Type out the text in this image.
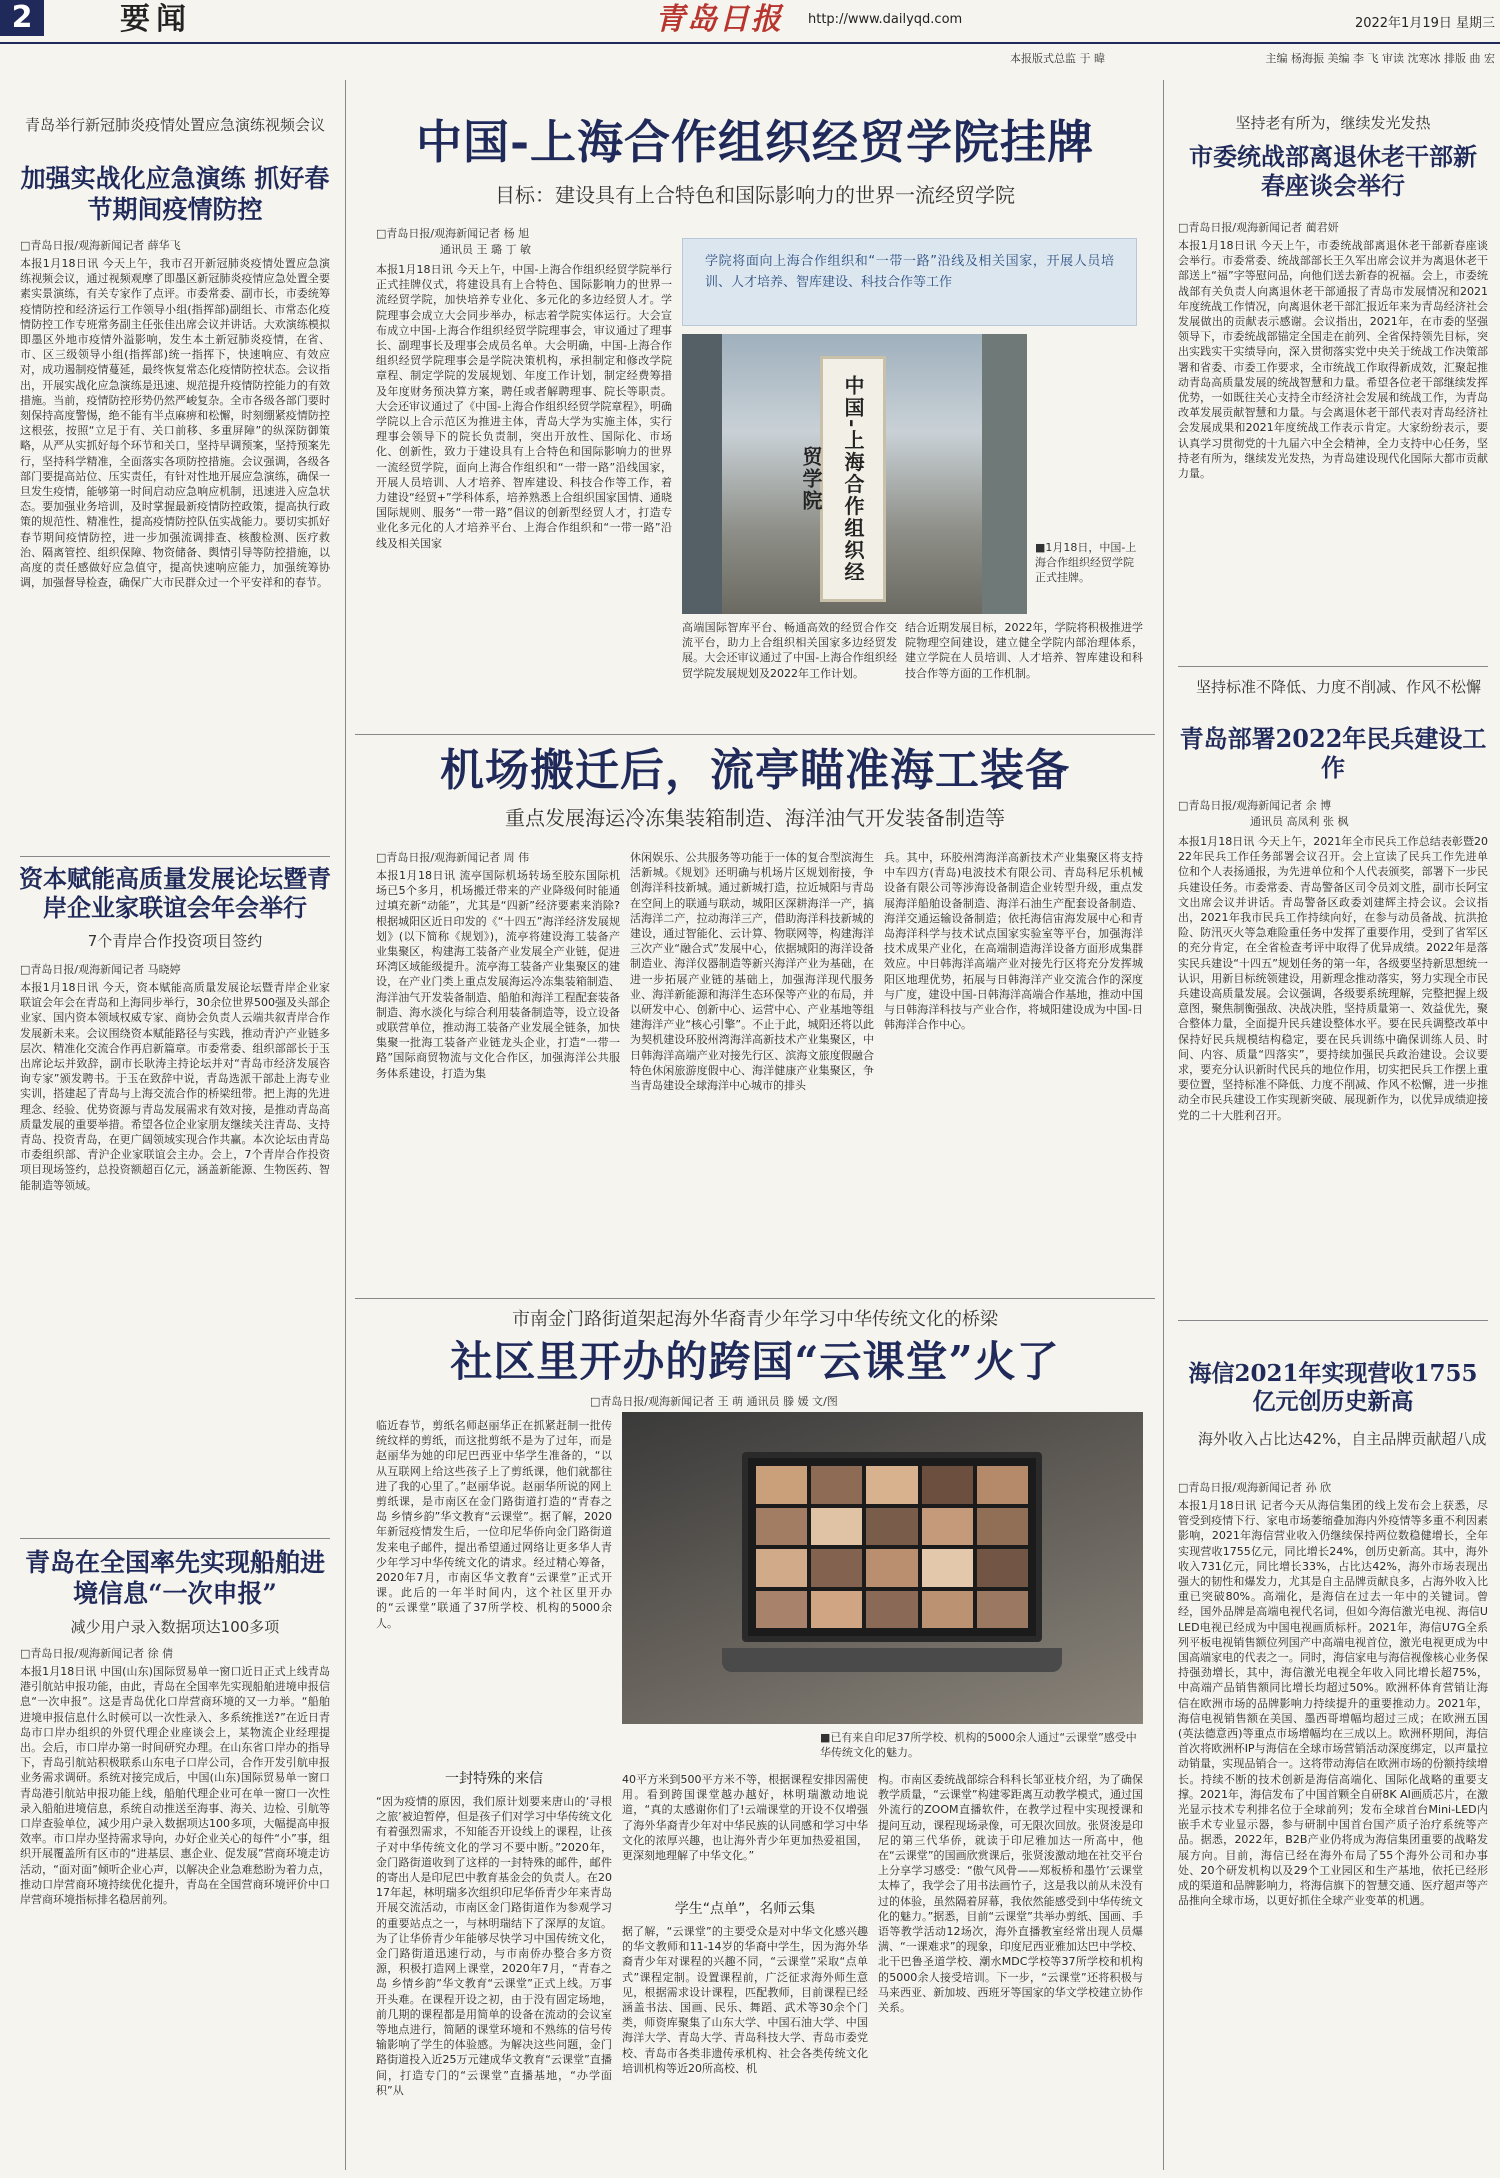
2	要闻	青岛日报	http://www.dailyqd.com	2022年1月19日 星期三
本报版式总监 于 暐	主编 杨海振 美编 李 飞 审读 沈寒冰 排版 曲 宏
青岛举行新冠肺炎疫情处置应急演练视频会议
加强实战化应急演练 抓好春节期间疫情防控
□青岛日报/观海新闻记者 薛华飞
本报1月18日讯 今天上午，我市召开新冠肺炎疫情处置应急演练视频会议，通过视频观摩了即墨区新冠肺炎疫情应急处置全要素实景演练，有关专家作了点评。市委常委、副市长，市委统筹疫情防控和经济运行工作领导小组(指挥部)副组长、市常态化疫情防控工作专班常务副主任张佳出席会议并讲话。大欢演练模拟即墨区外地市疫情外溢影响，发生本土新冠肺炎疫情，在省、市、区三级领导小组(指挥部)统一指挥下，快速响应、有效应对，成功遏制疫情蔓延，最终恢复常态化疫情防控状态。会议指出，开展实战化应急演练是迅速、规范提升疫情防控能力的有效措施。当前，疫情防控形势仍然严峻复杂。全市各级各部门要时刻保持高度警惕，绝不能有半点麻痹和松懈，时刻绷紧疫情防控这根弦，按照“立足于有、关口前移、多重屏障”的纵深防御策略，从严从实抓好每个环节和关口，坚持早调预案，坚持预案先行，坚持科学精准，全面落实各项防控措施。会议强调，各级各部门要提高站位、压实责任，有针对性地开展应急演练，确保一旦发生疫情，能够第一时间启动应急响应机制，迅速进入应急状态。要加强业务培训，及时掌握最新疫情防控政策，提高执行政策的规范性、精准性，提高疫情防控队伍实战能力。要切实抓好春节期间疫情防控，进一步加强流调排查、核酸检测、医疗救治、隔离管控、组织保障、物资储备、舆情引导等防控措施，以高度的责任感做好应急值守，提高快速响应能力，加强统筹协调，加强督导检查，确保广大市民群众过一个平安祥和的春节。
资本赋能高质量发展论坛暨青岸企业家联谊会年会举行
7个青岸合作投资项目签约
□青岛日报/观海新闻记者 马晓婷
本报1月18日讯 今天，资本赋能高质量发展论坛暨青岸企业家联谊会年会在青岛和上海同步举行，30余位世界500强及头部企业家、国内资本领域权威专家、商协会负责人云端共叙青岸合作发展新未来。会议围绕资本赋能路径与实践，推动青沪产业链多层次、精准化交流合作再启新篇章。市委常委、组织部部长于玉出席论坛并致辞，副市长耿涛主持论坛并对“青岛市经济发展咨询专家”颁发聘书。于玉在致辞中说，青岛选派干部赴上海专业实训，搭建起了青岛与上海交流合作的桥梁纽带。把上海的先进理念、经验、优势资源与青岛发展需求有效对接，是推动青岛高质量发展的重要举措。希望各位企业家朋友继续关注青岛、支持青岛、投资青岛，在更广阔领域实现合作共赢。本次论坛由青岛市委组织部、青沪企业家联谊会主办。会上，7个青岸合作投资项目现场签约，总投资额超百亿元，涵盖新能源、生物医药、智能制造等领域。
青岛在全国率先实现船舶进境信息“一次申报”
减少用户录入数据项达100多项
□青岛日报/观海新闻记者 徐 倩
本报1月18日讯 中国(山东)国际贸易单一窗口近日正式上线青岛港引航站申报功能，由此，青岛在全国率先实现船舶进境申报信息“一次申报”。这是青岛优化口岸营商环境的又一力举。“船舶进境申报信息什么时候可以一次性录入、多系统推送?”在近日青岛市口岸办组织的外贸代理企业座谈会上，某物流企业经理提出。会后，市口岸办第一时间研究办理。在山东省口岸办的指导下，青岛引航站积极联系山东电子口岸公司，合作开发引航申报业务需求调研。系统对接完成后，中国(山东)国际贸易单一窗口青岛港引航站申报功能上线，船舶代理企业可在单一窗口一次性录入船舶进境信息，系统自动推送至海事、海关、边检、引航等口岸查验单位，减少用户录入数据项达100多项，大幅提高申报效率。市口岸办坚持需求导向，办好企业关心的每件“小”事，组织开展覆盖所有区市的“进基层、惠企业、促发展”营商环境走访活动，“面对面”倾听企业心声，以解决企业急难愁盼为着力点，推动口岸营商环境持续优化提升，青岛在全国营商环境评价中口岸营商环境指标排名稳居前列。
中国-上海合作组织经贸学院挂牌
目标：建设具有上合特色和国际影响力的世界一流经贸学院
□青岛日报/观海新闻记者 杨 旭
通讯员 王 璐 丁 敏
本报1月18日讯 今天上午，中国-上海合作组织经贸学院举行正式挂牌仪式，将建设具有上合特色、国际影响力的世界一流经贸学院，加快培养专业化、多元化的多边经贸人才。学院理事会成立大会同步举办，标志着学院实体运行。大会宣布成立中国-上海合作组织经贸学院理事会，审议通过了理事长、副理事长及理事会成员名单。大会明确，中国-上海合作组织经贸学院理事会是学院决策机构，承担制定和修改学院章程、制定学院的发展规划、年度工作计划，制定经费筹措及年度财务预决算方案，聘任或者解聘理事、院长等职责。大会还审议通过了《中国-上海合作组织经贸学院章程》，明确学院以上合示范区为推进主体，青岛大学为实施主体，实行理事会领导下的院长负责制，突出开放性、国际化、市场化、创新性，致力于建设具有上合特色和国际影响力的世界一流经贸学院，面向上海合作组织和“一带一路”沿线国家，开展人员培训、人才培养、智库建设、科技合作等工作，着力建设“经贸+”学科体系，培养熟悉上合组织国家国情、通晓国际规则、服务“一带一路”倡议的创新型经贸人才，打造专业化多元化的人才培养平台、上海合作组织和“一带一路”沿线及相关国家
学院将面向上海合作组织和“一带一路”沿线及相关国家，开展人员培训、人才培养、智库建设、科技合作等工作
中国-上海合作组织经贸学院
■1月18日，中国-上海合作组织经贸学院正式挂牌。
高端国际智库平台、畅通高效的经贸合作交流平台，助力上合组织相关国家多边经贸发展。大会还审议通过了中国-上海合作组织经贸学院发展规划及2022年工作计划。
结合近期发展目标，2022年，学院将积极推进学院物理空间建设，建立健全学院内部治理体系，建立学院在人员培训、人才培养、智库建设和科技合作等方面的工作机制。
机场搬迁后，流亭瞄准海工装备
重点发展海运冷冻集装箱制造、海洋油气开发装备制造等
□青岛日报/观海新闻记者 周 伟
本报1月18日讯 流亭国际机场转场至胶东国际机场已5个多月，机场搬迁带来的产业降级何时能通过填充新“动能”，尤其是“四新”经济要素来消除?根据城阳区近日印发的《“十四五”海洋经济发展规划》(以下简称《规划》)，流亭将建设海工装备产业集聚区，构建海工装备产业发展全产业链，促进环湾区域能级提升。流亭海工装备产业集聚区的建设，在产业门类上重点发展海运冷冻集装箱制造、海洋油气开发装备制造、船舶和海洋工程配套装备制造、海水淡化与综合利用装备制造等，设立设备或联营单位，推动海工装备产业发展全链条，加快集聚一批海工装备产业链龙头企业，打造“一带一路”国际商贸物流与文化合作区，加强海洋公共服务体系建设，打造为集
休闲娱乐、公共服务等功能于一体的复合型滨海生活新城。《规划》还明确与机场片区规划衔接，争创海洋科技新城。通过新城打造，拉近城阳与青岛在空间上的联通与联动，城阳区深耕海洋一产，搞活海洋二产，拉动海洋三产，借助海洋科技新城的建设，通过智能化、云计算、物联网等，构建海洋三次产业“融合式”发展中心，依据城阳的海洋设备制造业、海洋仪器制造等新兴海洋产业为基础，在进一步拓展产业链的基础上，加强海洋现代服务业、海洋新能源和海洋生态环保等产业的布局，并以研发中心、创新中心、运营中心、产业基地等组建海洋产业“核心引擎”。不止于此，城阳还将以此为契机建设环胶州湾海洋高新技术产业集聚区，中日韩海洋高端产业对接先行区、滨海文旅度假融合特色休闲旅游度假中心、海洋健康产业集聚区，争当青岛建设全球海洋中心城市的排头
兵。其中，环胶州湾海洋高新技术产业集聚区将支持中车四方(青岛)电波技术有限公司、青岛科尼乐机械设备有限公司等涉海设备制造企业转型升级，重点发展海洋船舶设备制造、海洋石油生产配套设备制造、海洋交通运输设备制造；依托海信宙海发展中心和青岛海洋科学与技术试点国家实验室等平台，加强海洋技术成果产业化，在高端制造海洋设备方面形成集群效应。中日韩海洋高端产业对接先行区将充分发挥城阳区地理优势，拓展与日韩海洋产业交流合作的深度与广度，建设中国-日韩海洋高端合作基地，推动中国与日韩海洋科技与产业合作，将城阳建设成为中国-日韩海洋合作中心。
市南金门路街道架起海外华裔青少年学习中华传统文化的桥梁
社区里开办的跨国“云课堂”火了
□青岛日报/观海新闻记者 王 萌 通讯员 滕 媛 文/图
临近春节，剪纸名师赵丽华正在抓紧赶制一批传统纹样的剪纸，而这批剪纸不是为了过年，而是赵丽华为她的印尼巴西亚中华学生准备的，“以从互联网上给这些孩子上了剪纸课，他们就都往进了我的心里了。”赵丽华说。赵丽华所说的网上剪纸课，是市南区在金门路街道打造的“青春之岛 乡情乡韵”华文教育“云课堂”。据了解，2020年新冠疫情发生后，一位印尼华侨向金门路街道发来电子邮件，提出希望通过网络让更多华人青少年学习中华传统文化的请求。经过精心筹备，2020年7月，市南区华文教育“云课堂”正式开课。此后的一年半时间内，这个社区里开办的“云课堂”联通了37所学校、机构的5000余人。
■已有来自印尼37所学校、机构的5000余人通过“云课堂”感受中华传统文化的魅力。
一封特殊的来信
“因为疫情的原因，我们原计划要来唐山的‘寻根之旅’被迫暂停，但是孩子们对学习中华传统文化有着强烈需求，不知能否开设线上的课程，让孩子对中华传统文化的学习不要中断。”2020年，金门路街道收到了这样的一封特殊的邮件，邮件的寄出人是印尼巴中教育基金会的负责人。在2017年起，林明瑞多次组织印尼华侨青少年来青岛开展交流活动，市南区金门路街道作为参观学习的重要站点之一，与林明瑞结下了深厚的友谊。为了让华侨青少年能够尽快学习中国传统文化，金门路街道迅速行动，与市南侨办整合多方资源，积极打造网上课堂，2020年7月，“青春之岛 乡情乡韵”华文教育“云课堂”正式上线。万事开头难。在课程开设之初，由于没有固定场地，前几期的课程都是用简单的设备在流动的会议室等地点进行，简陋的课堂环境和不熟练的信号传输影响了学生的体验感。为解决这些问题，金门路街道投入近25万元建成华文教育“云课堂”直播间，打造专门的“云课堂”直播基地，“办学面积”从
40平方米到500平方米不等，根据课程安排因需使用。看到跨国课堂越办越好，林明瑞激动地说道，“真的太感谢你们了!云端课堂的开设不仅增强了海外华裔青少年对中华民族的认同感和学习中华文化的浓厚兴趣，也让海外青少年更加热爱祖国，更深刻地理解了中华文化。”
学生“点单”，名师云集
据了解，“云课堂”的主要受众是对中华文化感兴趣的华文教师和11-14岁的华裔中学生，因为海外华裔青少年对课程的兴趣不同，“云课堂”采取“点单式”课程定制。设置课程前，广泛征求海外师生意见，根据需求设计课程，匹配教师，目前课程已经涵盖书法、国画、民乐、舞蹈、武术等30余个门类，师资库聚集了山东大学、中国石油大学、中国海洋大学、青岛大学、青岛科技大学、青岛市委党校、青岛市各类非遗传承机构、社会各类传统文化培训机构等近20所高校、机
构。市南区委统战部综合科科长邹亚枝介绍，为了确保教学质量，“云课堂”构建零距离互动教学模式，通过国外流行的ZOOM直播软件，在教学过程中实现授课和提问互动，课程现场录像，可无限次回放。张贤浚是印尼的第三代华侨，就读于印尼雅加达一所高中，他在“云课堂”的国画欣赏课后，张贤浚激动地在社交平台上分享学习感受：“傲气风骨——郑板桥和墨竹’云课堂太棒了，我学会了用书法画竹子，这是我以前从未没有过的体验，虽然隔着屏幕，我依然能感受到中华传统文化的魅力。”据悉，目前“云课堂”共举办剪纸、国画、手语等教学活动12场次，海外直播教室经常出现人员爆满、“一课难求”的现象，印度尼西亚雅加达巴中学校、北干巴鲁圣道学校、潮水MDC学校等37所学校和机构的5000余人接受培训。下一步，“云课堂”还将积极与马来西亚、新加坡、西班牙等国家的华文学校建立协作关系。
坚持老有所为，继续发光发热
市委统战部离退休老干部新春座谈会举行
□青岛日报/观海新闻记者 蔺君妍
本报1月18日讯 今天上午，市委统战部离退休老干部新春座谈会举行。市委常委、统战部部长王久军出席会议并为离退休老干部送上“福”字等慰问品，向他们送去新春的祝福。会上，市委统战部有关负责人向离退休老干部通报了青岛市发展情况和2021年度统战工作情况，向离退休老干部汇报近年来为青岛经济社会发展做出的贡献表示感谢。会议指出，2021年，在市委的坚强领导下，市委统战部锚定全国走在前列、全省保持领先目标，突出实践实干实绩导向，深入贯彻落实党中央关于统战工作决策部署和省委、市委工作要求，全市统战工作取得新成效，汇聚起推动青岛高质量发展的统战智慧和力量。希望各位老干部继续发挥优势，一如既往关心支持全市经济社会发展和统战工作，为青岛改革发展贡献智慧和力量。与会离退休老干部代表对青岛经济社会发展成果和2021年度统战工作表示肯定。大家纷纷表示，要认真学习贯彻党的十九届六中全会精神，全力支持中心任务，坚持老有所为，继续发光发热，为青岛建设现代化国际大都市贡献力量。
坚持标准不降低、力度不削减、作风不松懈
青岛部署2022年民兵建设工作
□青岛日报/观海新闻记者 余 博
通讯员 高凤利 张 枫
本报1月18日讯 今天上午，2021年全市民兵工作总结表彰暨2022年民兵工作任务部署会议召开。会上宣读了民兵工作先进单位和个人表扬通报，为先进单位和个人代表颁奖，部署下一步民兵建设任务。市委常委、青岛警备区司令员刘文胜，副市长阿宝文出席会议并讲话。青岛警备区政委刘建辉主持会议。会议指出，2021年我市民兵工作持续向好，在参与动员备战、抗洪抢险、防汛灭火等急难险重任务中发挥了重要作用，受到了省军区的充分肯定，在全省检查考评中取得了优异成绩。2022年是落实民兵建设“十四五”规划任务的第一年，各级要坚持新思想统一认识，用新目标统领建设，用新理念推动落实，努力实现全市民兵建设高质量发展。会议强调，各级要系统理解，完整把握上级意图，聚焦制衡强敌、决战决胜，坚持质量第一、效益优先，聚合整体力量，全面提升民兵建设整体水平。要在民兵调整改革中保持好民兵规模结构稳定，要在民兵训练中确保训练人员、时间、内容、质量“四落实”，要持续加强民兵政治建设。会议要求，要充分认识新时代民兵的地位作用，切实把民兵工作摆上重要位置，坚持标准不降低、力度不削减、作风不松懈，进一步推动全市民兵建设工作实现新突破、展现新作为，以优异成绩迎接党的二十大胜利召开。
海信2021年实现营收1755亿元创历史新高
海外收入占比达42%，自主品牌贡献超八成
□青岛日报/观海新闻记者 孙 欣
本报1月18日讯 记者今天从海信集团的线上发布会上获悉，尽管受到疫情下行、家电市场萎缩叠加海内外疫情等多重不利因素影响，2021年海信营业收入仍继续保持两位数稳健增长，全年实现营收1755亿元，同比增长24%，创历史新高。其中，海外收入731亿元，同比增长33%，占比达42%，海外市场表现出强大的韧性和爆发力，尤其是自主品牌贡献良多，占海外收入比重已突破80%。高端化，是海信在过去一年中的关键词。曾经，国外品牌是高端电视代名词，但如今海信激光电视、海信ULED电视已经成为中国电视画质标杆。2021年，海信U7G全系列平板电视销售额位列国产中高端电视首位，激光电视更成为中国高端家电的代表之一。同时，海信家电与海信视像核心业务保持强劲增长，其中，海信激光电视全年收入同比增长超75%，中高端产品销售额同比增长均超过50%。欧洲杯体育营销让海信在欧洲市场的品牌影响力持续提升的重要推动力。2021年，海信电视销售额在美国、墨西哥增幅均超过三成；在欧洲五国(英法德意西)等重点市场增幅均在三成以上。欧洲杯期间，海信首次将欧洲杯IP与海信在全球市场营销活动深度绑定，以声量拉动销量，实现品销合一。这将带动海信在欧洲市场的份额持续增长。持续不断的技术创新是海信高端化、国际化战略的重要支撑。2021年，海信发布了中国首颗全自研8K AI画质芯片，在激光显示技术专利排名位于全球前列；发布全球首台Mini-LED内嵌手术专业显示器，参与研制中国首台国产质子治疗系统等产品。据悉，2022年，B2B产业仍将成为海信集团重要的战略发展方向。目前，海信已经在海外布局了55个海外公司和办事处、20个研发机构以及29个工业园区和生产基地，依托已经形成的渠道和品牌影响力，将海信旗下的智慧交通、医疗超声等产品推向全球市场，以更好抓住全球产业变革的机遇。
